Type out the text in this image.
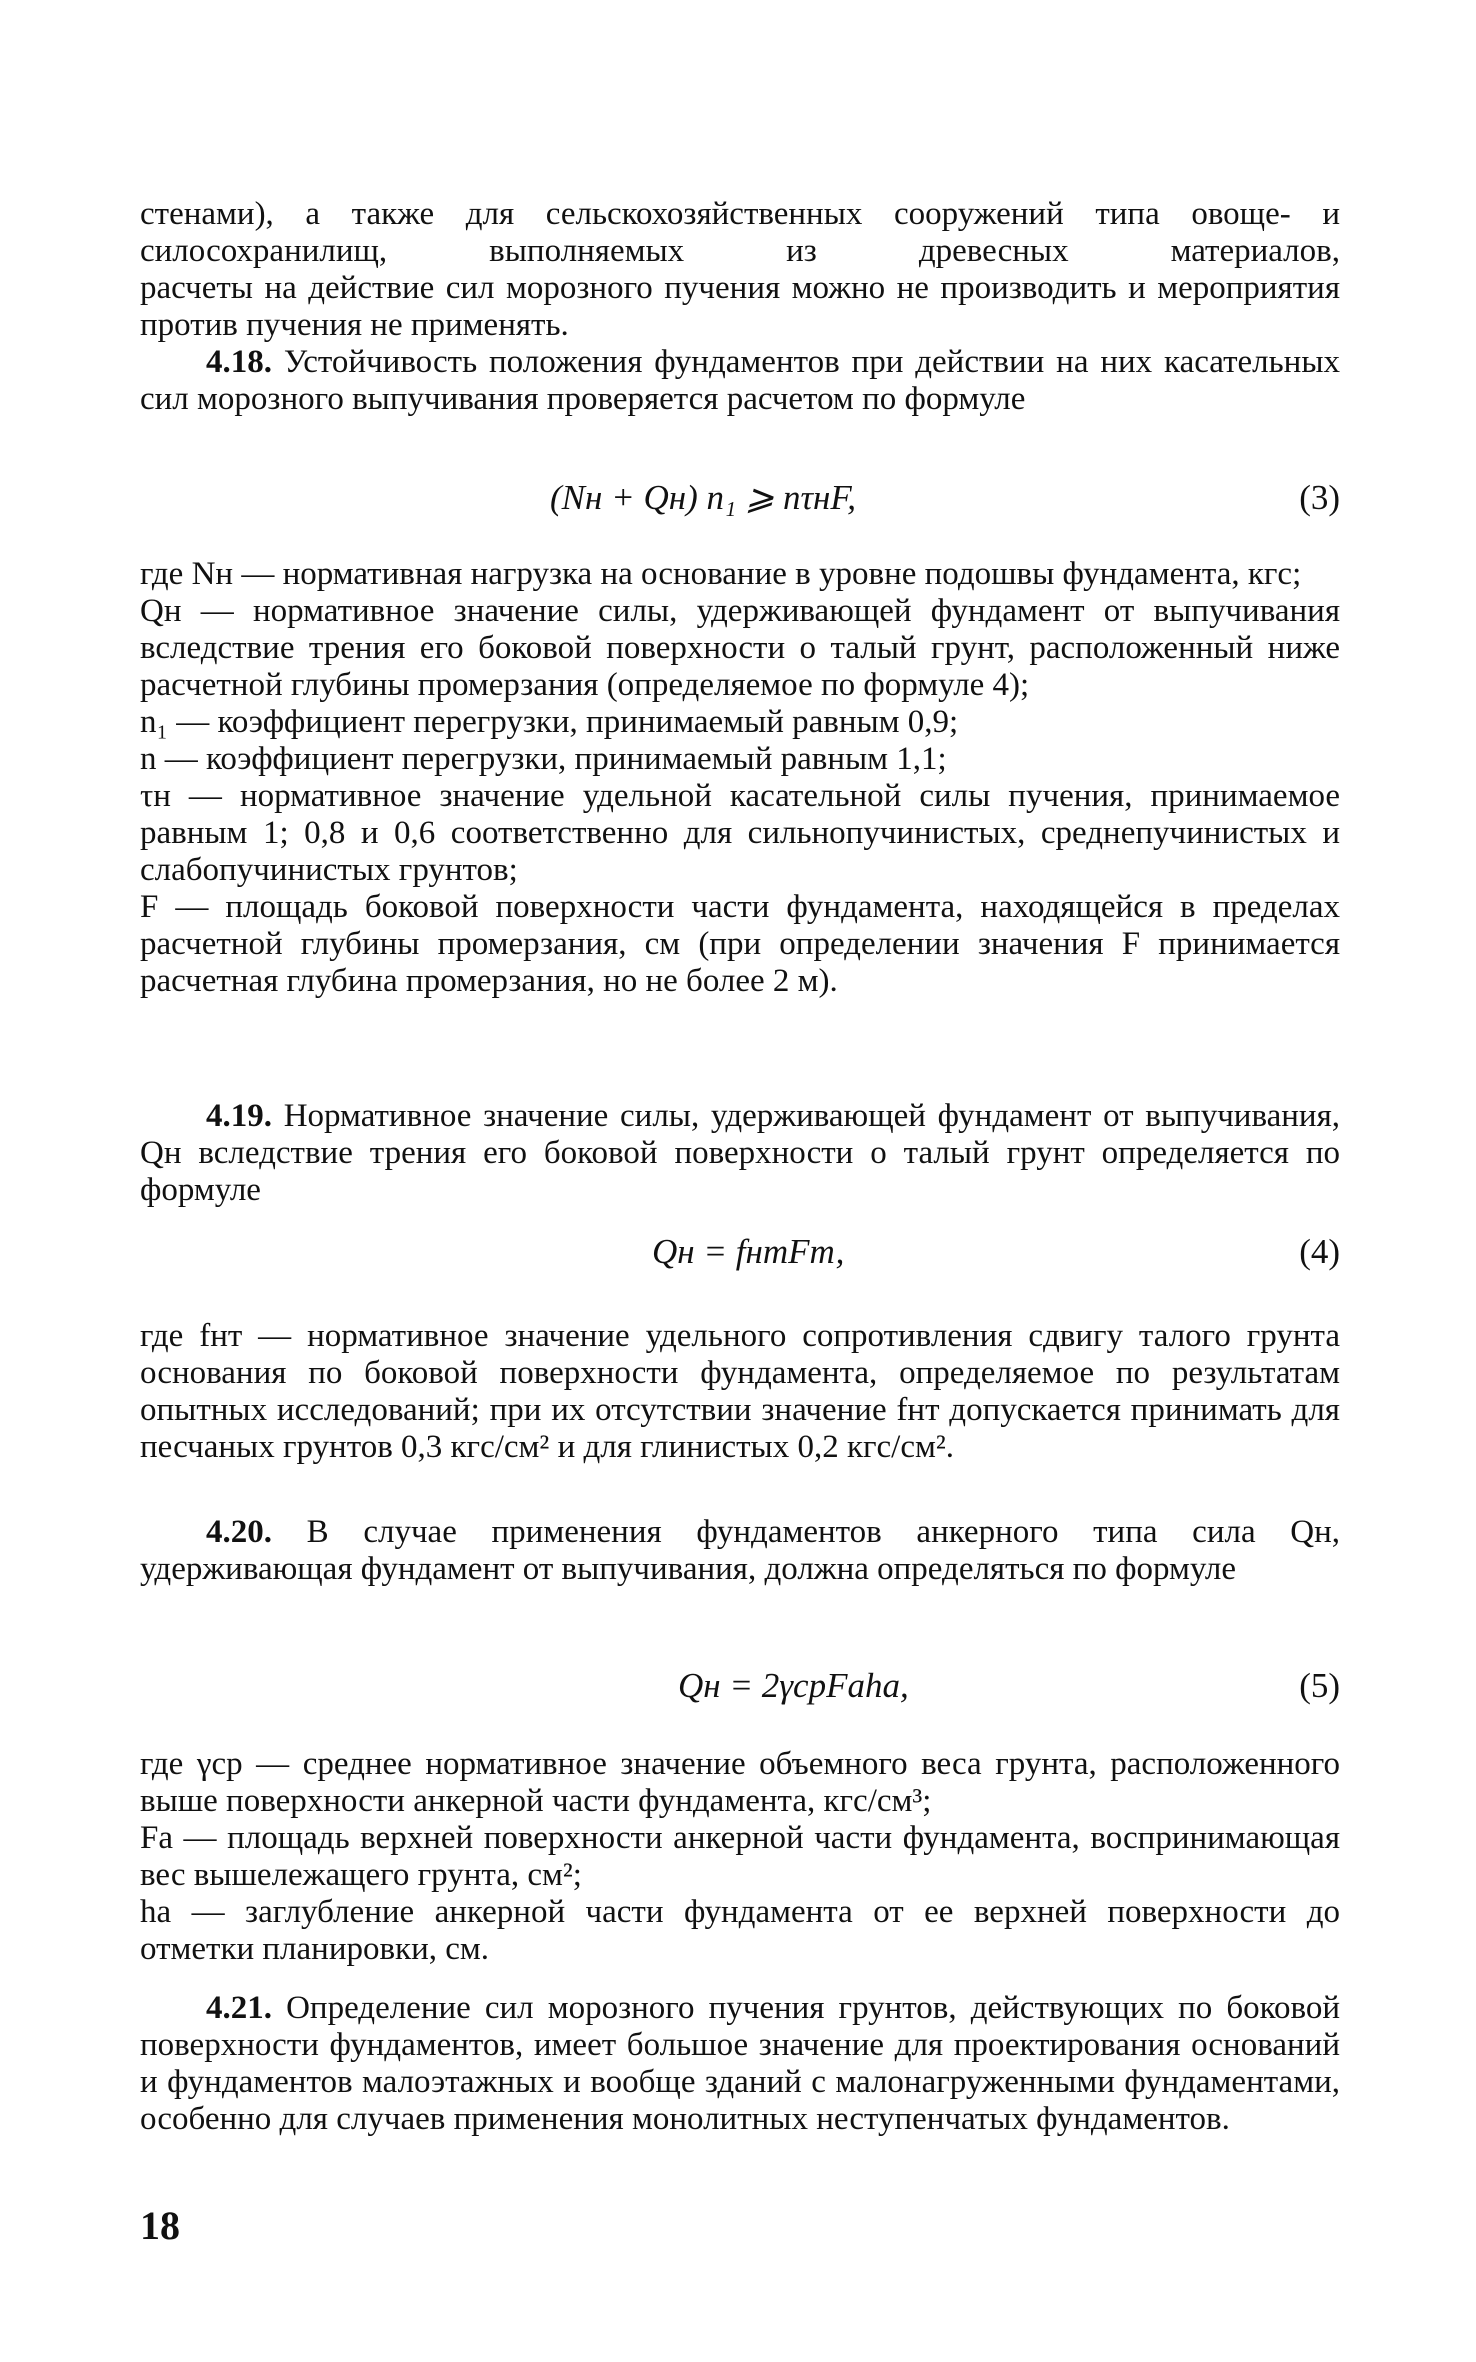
стенами), а также для сельскохозяйственных сооружений типа овоще- и силосохранилищ, выполняемых из древесных материалов,

расчеты на действие сил морозного пучения можно не производить и мероприятия против пучения не применять.

4.18. Устойчивость положения фундаментов при действии на них касательных сил морозного выпучивания проверяется расчетом по формуле
(Nн + Qн) n₁ ⩾ nτнF,	(3)

где Nн — нормативная нагрузка на основание в уровне подошвы фундамента, кгс;

Qн — нормативное значение силы, удерживающей фундамент от выпучивания вследствие трения его боковой поверхности о талый грунт, расположенный ниже расчетной глубины промерзания (определяемое по формуле 4);

n₁ — коэффициент перегрузки, принимаемый равным 0,9;

n — коэффициент перегрузки, принимаемый равным 1,1;

τн — нормативное значение удельной касательной силы пучения, принимаемое равным 1; 0,8 и 0,6 соответственно для сильнопучинистых, среднепучинистых и слабопучинистых грунтов;

F — площадь боковой поверхности части фундамента, находящейся в пределах расчетной глубины промерзания, см (при определении значения F принимается расчетная глубина промерзания, но не более 2 м).

4.19. Нормативное значение силы, удерживающей фундамент от выпучивания, Qн вследствие трения его боковой поверхности о талый грунт определяется по формуле
Qн = fнтFт,	(4)

где fнт — нормативное значение удельного сопротивления сдвигу талого грунта основания по боковой поверхности фундамента, определяемое по результатам опытных исследований; при их отсутствии значение fнт допускается принимать для песчаных грунтов 0,3 кгс/см² и для глинистых 0,2 кгс/см².

4.20. В случае применения фундаментов анкерного типа сила Qн, удерживающая фундамент от выпучивания, должна определяться по формуле
Qн = 2γcpFaha,	(5)

где γcp — среднее нормативное значение объемного веса грунта, расположенного выше поверхности анкерной части фундамента, кгс/см³;

Fa — площадь верхней поверхности анкерной части фундамента, воспринимающая вес вышележащего грунта, см²;

ha — заглубление анкерной части фундамента от ее верхней поверхности до отметки планировки, см.

4.21. Определение сил морозного пучения грунтов, действующих по боковой поверхности фундаментов, имеет большое значение для проектирования оснований и фундаментов малоэтажных и вообще зданий с малонагруженными фундаментами, особенно для случаев применения монолитных неступенчатых фундаментов.
18
